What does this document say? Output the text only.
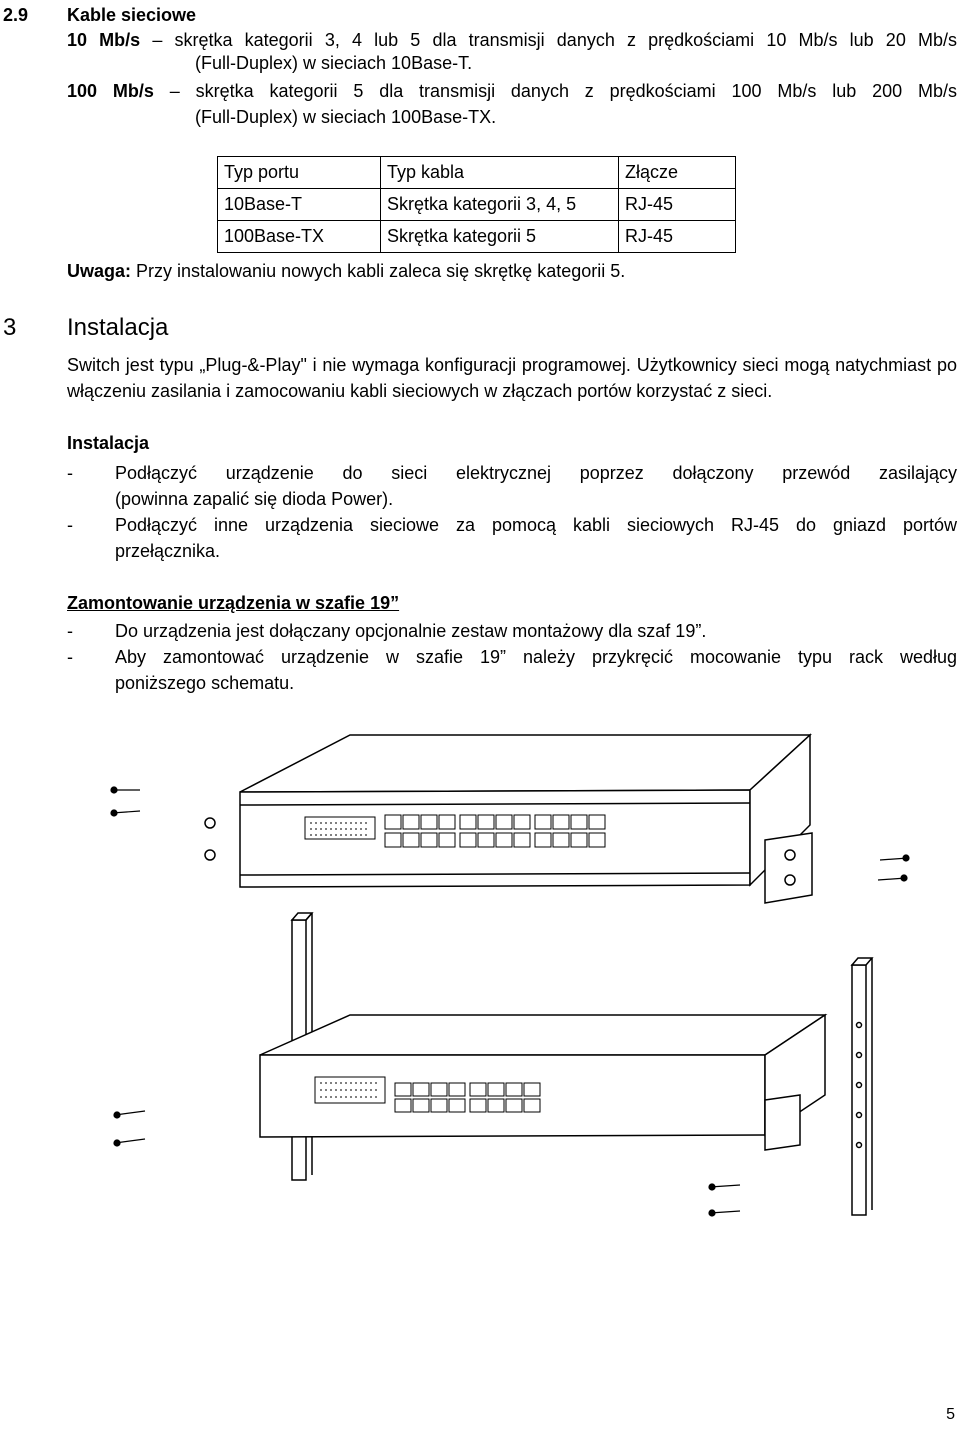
2.9 Kable sieciowe
10 Mb/s – skrętka kategorii 3, 4 lub 5 dla transmisji danych z prędkościami 10 Mb/s lub 20 Mb/s
(Full-Duplex) w sieciach 10Base-T.
100 Mb/s – skrętka kategorii 5 dla transmisji danych z prędkościami 100 Mb/s lub 200 Mb/s
(Full-Duplex) w sieciach 100Base-TX.
Typ portu	Typ kabla	Złącze
10Base-T	Skrętka kategorii 3, 4, 5	RJ-45
100Base-TX	Skrętka kategorii 5	RJ-45
Uwaga: Przy instalowaniu nowych kabli zaleca się skrętkę kategorii 5.
3 Instalacja
Switch jest typu „Plug-&-Play" i nie wymaga konfiguracji programowej. Użytkownicy sieci mogą natychmiast po włączeniu zasilania i zamocowaniu kabli sieciowych w złączach portów korzystać z sieci.
Instalacja
- Podłączyć urządzenie do sieci elektrycznej poprzez dołączony przewód zasilający
(powinna zapalić się dioda Power).
- Podłączyć inne urządzenia sieciowe za pomocą kabli sieciowych RJ-45 do gniazd portów
przełącznika.
Zamontowanie urządzenia w szafie 19”
- Do urządzenia jest dołączany opcjonalnie zestaw montażowy dla szaf 19”.
- Aby zamontować urządzenie w szafie 19” należy przykręcić mocowanie typu rack według
poniższego schematu.
5
